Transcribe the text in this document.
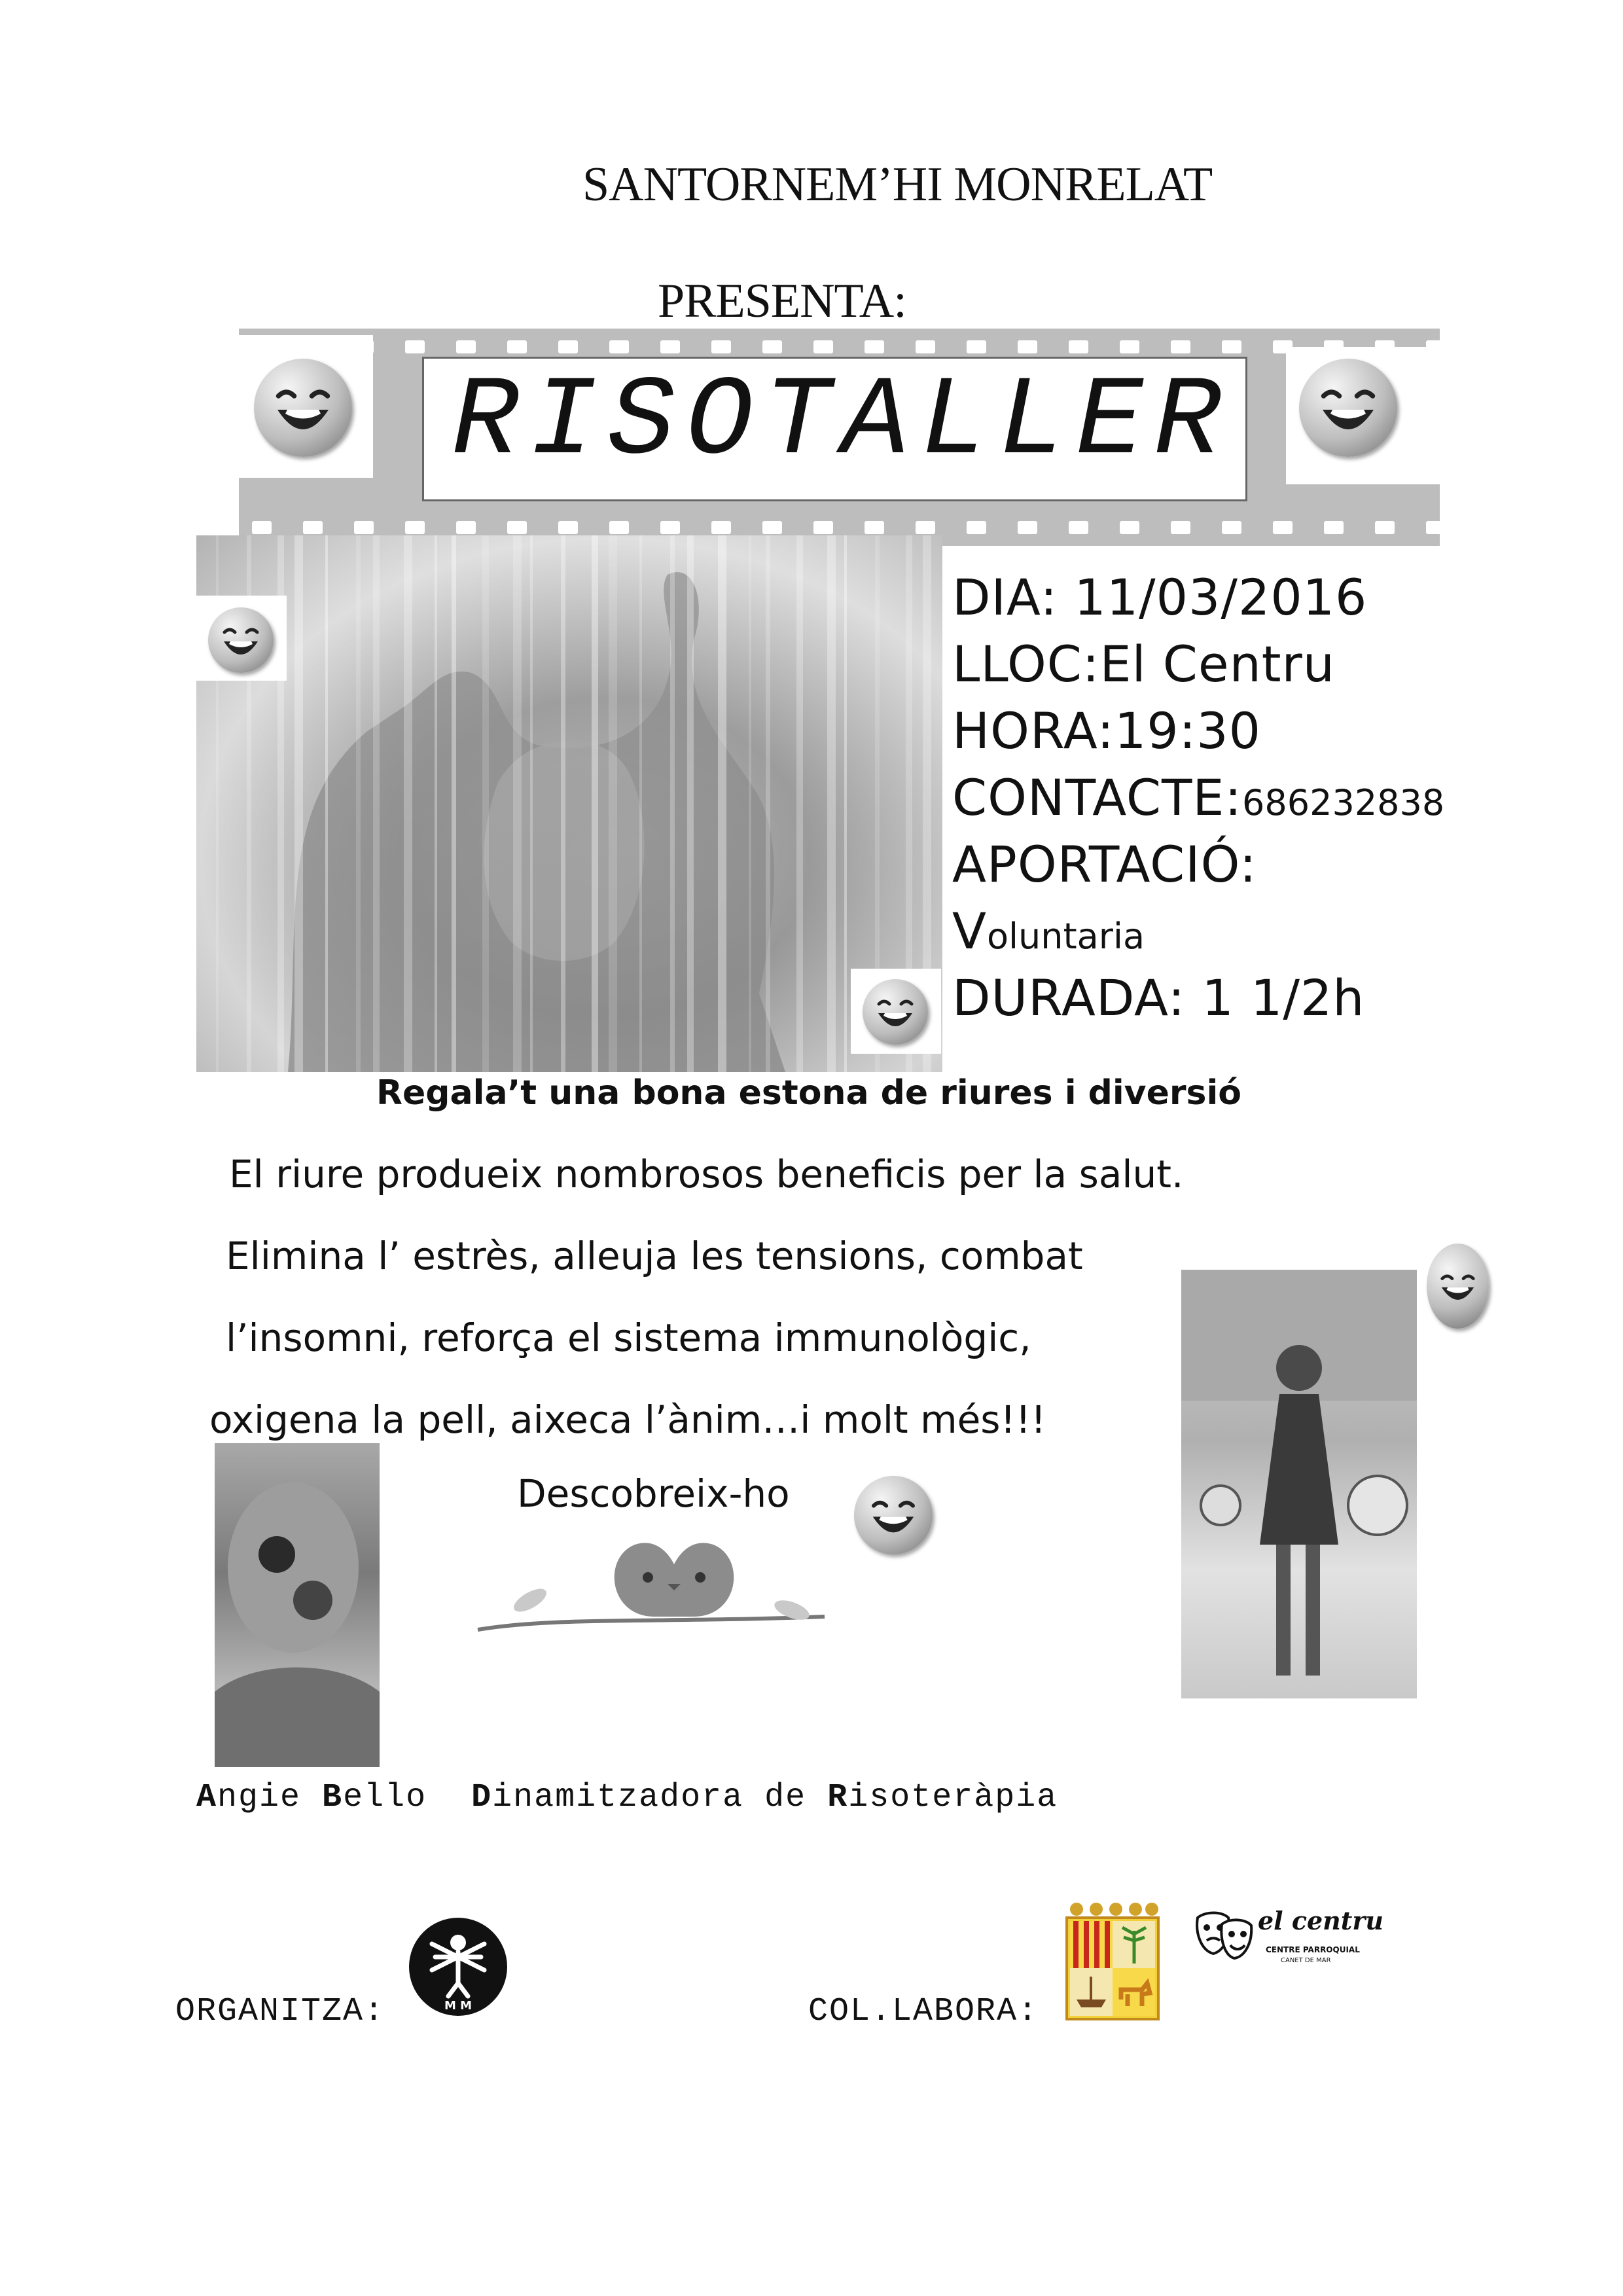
SANTORNEM’HI MONRELAT
PRESENTA:
RISOTALLER
DIA: 11/03/2016
LLOC:El Centru
HORA:19:30
CONTACTE:686232838
APORTACIÓ:
Voluntaria
DURADA: 1 1/2h
Regala’t una bona estona de riures i diversió
El riure produeix nombrosos beneficis per la salut.
Elimina l’ estrès, alleuja les tensions, combat
l’insomni, reforça el sistema immunològic,
oxigena la pell, aixeca l’ànim…i molt més!!!
Descobreix-ho
Angie Bello Dinamitzadora de Risoteràpia
ORGANITZA:	M M	COL.LABORA:
el centru
CENTRE PARROQUIAL
CANET DE MAR
